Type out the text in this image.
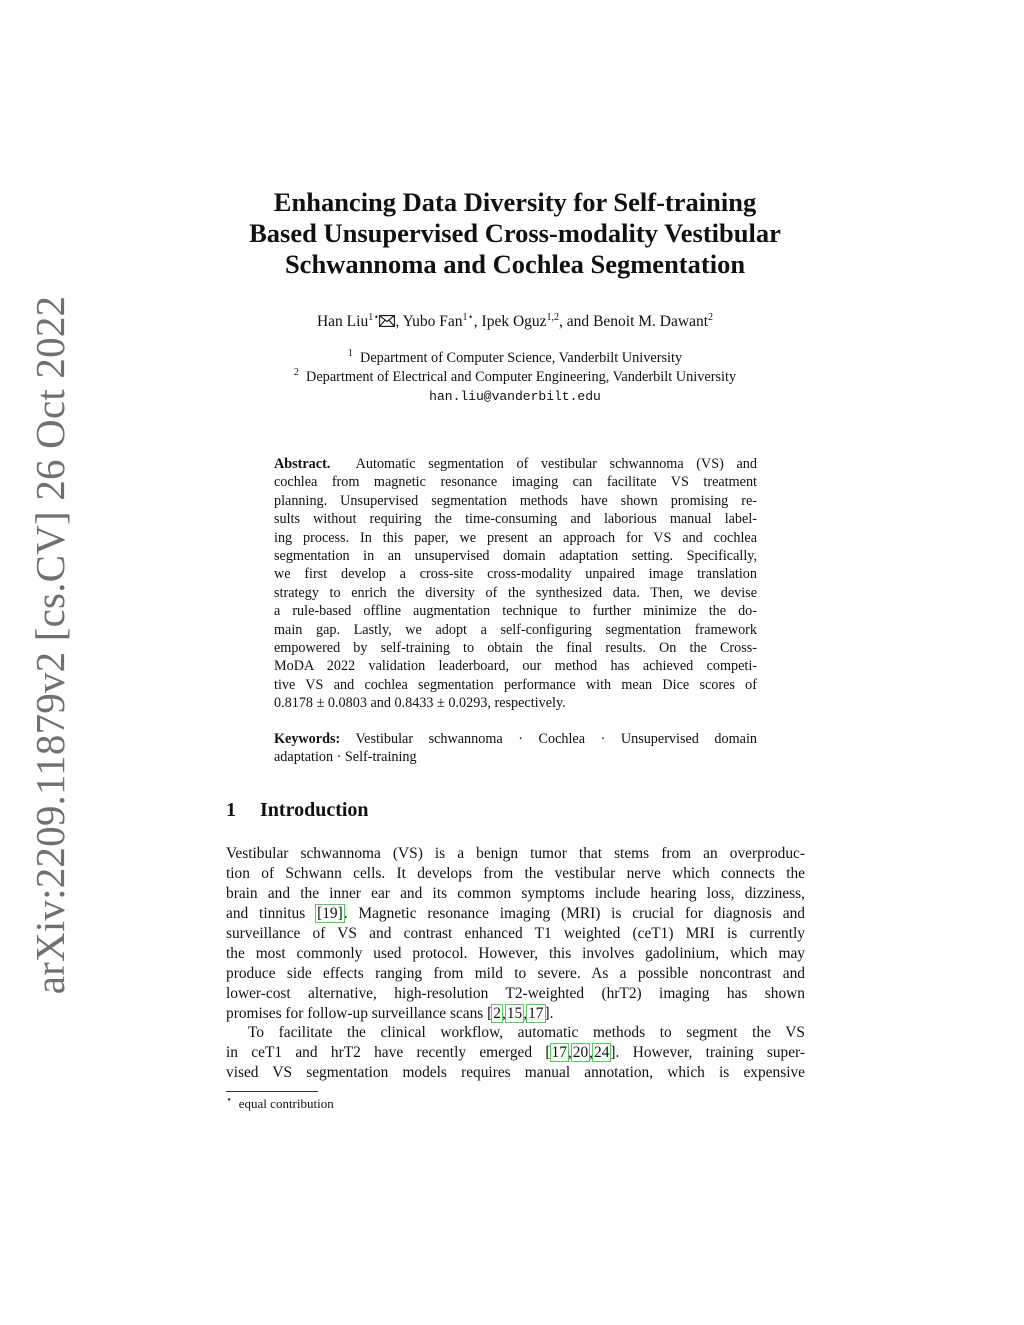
arXiv:2209.11879v2 [cs.CV] 26 Oct 2022
Enhancing Data Diversity for Self-training
Based Unsupervised Cross-modality Vestibular
Schwannoma and Cochlea Segmentation
Han Liu$^{1⋆}$ , Yubo Fan$^{1⋆}$, Ipek Oguz$^{1,2}$, and Benoit M. Dawant$^2$
$^1$ Department of Computer Science, Vanderbilt University
$^2$ Department of Electrical and Computer Engineering, Vanderbilt University
han.liu@vanderbilt.edu
Abstract. Automatic segmentation of vestibular schwannoma (VS) and
cochlea from magnetic resonance imaging can facilitate VS treatment
planning. Unsupervised segmentation methods have shown promising re-
sults without requiring the time-consuming and laborious manual label-
ing process. In this paper, we present an approach for VS and cochlea
segmentation in an unsupervised domain adaptation setting. Specifically,
we first develop a cross-site cross-modality unpaired image translation
strategy to enrich the diversity of the synthesized data. Then, we devise
a rule-based offline augmentation technique to further minimize the do-
main gap. Lastly, we adopt a self-configuring segmentation framework
empowered by self-training to obtain the final results. On the Cross-
MoDA 2022 validation leaderboard, our method has achieved competi-
tive VS and cochlea segmentation performance with mean Dice scores of
0.8178 ± 0.0803 and 0.8433 ± 0.0293, respectively.
Keywords: Vestibular schwannoma · Cochlea · Unsupervised domain
adaptation · Self-training
1 Introduction
Vestibular schwannoma (VS) is a benign tumor that stems from an overproduc-
tion of Schwann cells. It develops from the vestibular nerve which connects the
brain and the inner ear and its common symptoms include hearing loss, dizziness,
and tinnitus [19]. Magnetic resonance imaging (MRI) is crucial for diagnosis and
surveillance of VS and contrast enhanced T1 weighted (ceT1) MRI is currently
the most commonly used protocol. However, this involves gadolinium, which may
produce side effects ranging from mild to severe. As a possible noncontrast and
lower-cost alternative, high-resolution T2-weighted (hrT2) imaging has shown
promises for follow-up surveillance scans [2,15,17].
To facilitate the clinical workflow, automatic methods to segment the VS
in ceT1 and hrT2 have recently emerged [17,20,24]. However, training super-
vised VS segmentation models requires manual annotation, which is expensive
⋆ equal contribution
